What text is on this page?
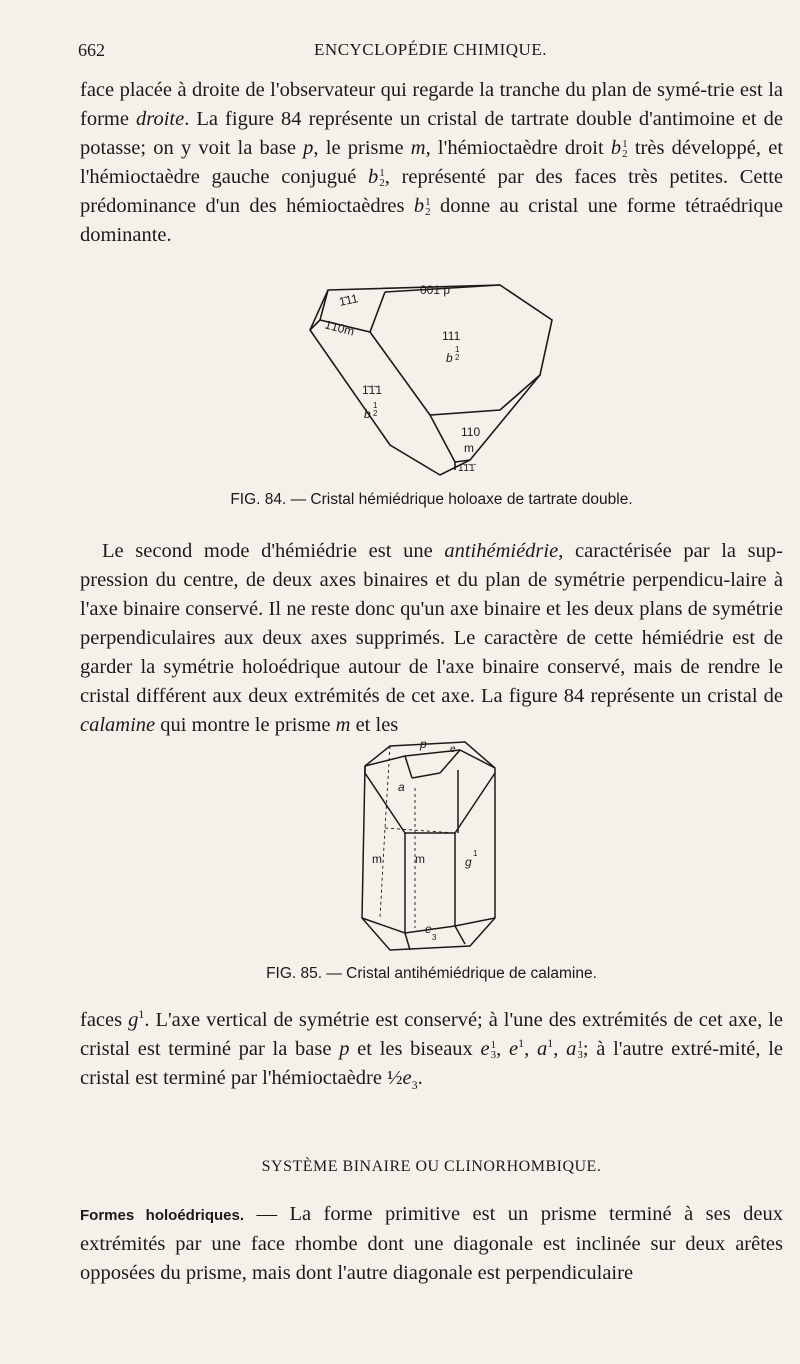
662	ENCYCLOPÉDIE CHIMIQUE.

face placée à droite de l'observateur qui regarde la tranche du plan de symé-trie est la forme droite. La figure 84 représente un cristal de tartrate double d'antimoine et de potasse; on y voit la base p, le prisme m, l'hémioctaèdre droit b 1
2 très développé, et l'hémioctaèdre gauche conjugué b 1
2 , représenté par des faces très petites. Cette prédominance d'un des hémioctaèdres b 1
2 donne au cristal une forme tétraédrique dominante.

001 p
1̄11
1̄10m	111
b
1
2
1̄1̄1
b
1
2
110
m
1̄1̄1̄
FIG. 84. — Cristal hémiédrique holoaxe de tartrate double.

Le second mode d'hémiédrie est une antihémiédrie, caractérisée par la sup-pression du centre, de deux axes binaires et du plan de symétrie perpendicu-laire à l'axe binaire conservé. Il ne reste donc qu'un axe binaire et les deux plans de symétrie perpendiculaires aux deux axes supprimés. Le caractère de cette hémiédrie est de garder la symétrie holoédrique autour de l'axe binaire conservé, mais de rendre le cristal différent aux deux extrémités de cet axe. La figure 84 représente un cristal de calamine qui montre le prisme m et les

p
a
e
m	m	g
1
e
3
FIG. 85. — Cristal antihémiédrique de calamine.

faces $g^1$. L'axe vertical de symétrie est conservé; à l'une des extrémités de cet axe, le cristal est terminé par la base p et les biseaux e 1
3 , $e^1$, $a^1$, a 1
3 ; à l'autre extré-mité, le cristal est terminé par l'hémioctaèdre $\frac{1}{2}e_3$.

SYSTÈME BINAIRE OU CLINORHOMBIQUE.

Formes holoédriques. — La forme primitive est un prisme terminé à ses deux extrémités par une face rhombe dont une diagonale est inclinée sur deux arêtes opposées du prisme, mais dont l'autre diagonale est perpendiculaire
